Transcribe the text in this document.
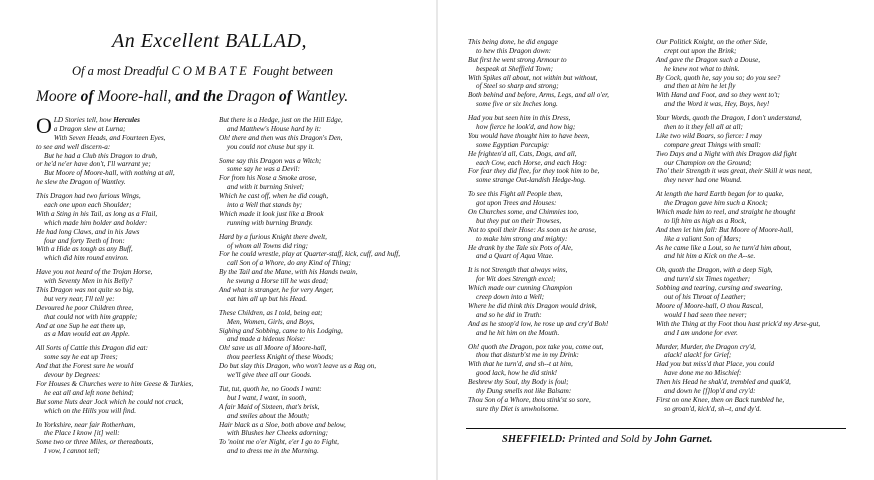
An Excellent BALLAD,
Of a most Dreadful COMBATE Fought between
Moore of Moore-hall, and the Dragon of Wantley.
OLD Stories tell, how Hercules
a Dragon slew at Lurna;
With Seven Heads, and Fourteen Eyes,
to see and well discern-a:
But he had a Club this Dragon to drub,
or he'd ne'er have don't, I'll warrant ye;
But Moore of Moore-hall, with nothing at all,
he slew the Dragon of Wantley.
This Dragon had two furious Wings,
each one upon each Shoulder;
With a Sting in his Tail, as long as a Flail,
which made him bolder and bolder:
He had long Claws, and in his Jaws
four and forty Teeth of Iron:
With a Hide as tough as any Buff,
which did him round environ.
Have you not heard of the Trojan Horse,
with Seventy Men in his Belly?
This Dragon was not quite so big,
but very near, I'll tell ye:
Devoured he poor Children three,
that could not with him grapple;
And at one Sup he eat them up,
as a Man would eat an Apple.
All Sorts of Cattle this Dragon did eat:
some say he eat up Trees;
And that the Forest sure he would
devour by Degrees:
For Houses & Churches were to him Geese & Turkies,
he eat all and left none behind;
But some Nuts dear Jock which he could not crack,
which on the Hills you will find.
In Yorkshire, near fair Rotherham,
the Place I know [it] well:
Some two or three Miles, or thereabouts,
I vow, I cannot tell;
But there is a Hedge, just on the Hill Edge,
and Matthew's House hard by it:
Oh! there and then was this Dragon's Den,
you could not chuse but spy it.
Some say this Dragon was a Witch;
some say he was a Devil:
For from his Nose a Smoke arose,
and with it burning Snivel;
Which he cast off, when he did cough,
into a Well that stands by;
Which made it look just like a Brook
running with burning Brandy.
Hard by a furious Knight there dwelt,
of whom all Towns did ring;
For he could wrestle, play at Quarter-staff, kick, cuff, and huff,
call Son of a Whore, do any Kind of Thing;
By the Tail and the Mane, with his Hands twain,
he swung a Horse till he was dead;
And what is stranger, he for very Anger,
eat him all up but his Head.
These Children, as I told, being eat;
Men, Women, Girls, and Boys,
Sighing and Sobbing, came to his Lodging,
and made a hideous Noise:
Oh! save us all Moore of Moore-hall,
thou peerless Knight of these Woods;
Do but slay this Dragon, who won't leave us a Rag on,
we'll give thee all our Goods.
Tut, tut, quoth he, no Goods I want:
but I want, I want, in sooth,
A fair Maid of Sixteen, that's brisk,
and smiles about the Mouth;
Hair black as a Sloe, both above and below,
with Blushes her Cheeks adorning;
To 'noint me o'er Night, e'er I go to Fight,
and to dress me in the Morning.
This being done, he did engage
to hew this Dragon down:
But first he went strong Armour to
bespeak at Sheffield Town;
With Spikes all about, not within but without,
of Steel so sharp and strong;
Both behind and before, Arms, Legs, and all o'er,
some five or six Inches long.
Had you but seen him in this Dress,
how fierce he look'd, and how big;
You would have thought him to have been,
some Egyptian Porcupig:
He frighten'd all, Cats, Dogs, and all,
each Cow, each Horse, and each Hog:
For fear they did flee, for they took him to be,
some strange Out-landish Hedge-hog.
To see this Fight all People then,
got upon Trees and Houses:
On Churches some, and Chimnies too,
but they put on their Trowses,
Not to spoil their Hose: As soon as he arose,
to make him strong and mighty:
He drank by the Tale six Pots of Ale,
and a Quart of Aqua Vitae.
It is not Strength that always wins,
for Wit does Strength excel;
Which made our cunning Champion
creep down into a Well;
Where he did think this Dragon would drink,
and so he did in Truth:
And as he stoop'd low, he rose up and cry'd Boh!
and he hit him on the Mouth.
Oh! quoth the Dragon, pox take you, come out,
thou that disturb'st me in my Drink:
With that he turn'd, and sh--t at him,
good lack, how he did stink!
Beshrew thy Soul, thy Body is foul;
thy Dung smells not like Balsam:
Thou Son of a Whore, thou stink'st so sore,
sure thy Diet is unwholsome.
Our Politick Knight, on the other Side,
crept out upon the Brink;
And gave the Dragon such a Douse,
he knew not what to think.
By Cock, quoth he, say you so; do you see?
and then at him he let fly
With Hand and Foot, and so they went to't;
and the Word it was, Hey, Boys, hey!
Your Words, quoth the Dragon, I don't understand,
then to it they fell all at all;
Like two wild Boars, so fierce: I may
compare great Things with small:
Two Days and a Night with this Dragon did fight
our Champion on the Ground;
Tho' their Strength it was great, their Skill it was neat,
they never had one Wound.
At length the hard Earth began for to quake,
the Dragon gave him such a Knock;
Which made him to reel, and straight he thought
to lift him as high as a Rock,
And then let him fall: But Moore of Moore-hall,
like a valiant Son of Mars;
As he came like a Lout, so he turn'd him about,
and hit him a Kick on the A--se.
Oh, quoth the Dragon, with a deep Sigh,
and turn'd six Times together;
Sobbing and tearing, cursing and swearing,
out of his Throat of Leather;
Moore of Moore-hall, O thou Rascal,
would I had seen thee never;
With the Thing at thy Foot thou hast prick'd my Arse-gut,
and I am undone for ever.
Murder, Murder, the Dragon cry'd,
alack! alack! for Grief;
Had you but miss'd that Place, you could
have done me no Mischief:
Then his Head he shak'd, trembled and quak'd,
and down he [f]lop'd and cry'd:
First on one Knee, then on Back tumbled he,
so groan'd, kick'd, sh--t, and dy'd.
SHEFFIELD: Printed and Sold by John Garnet.
